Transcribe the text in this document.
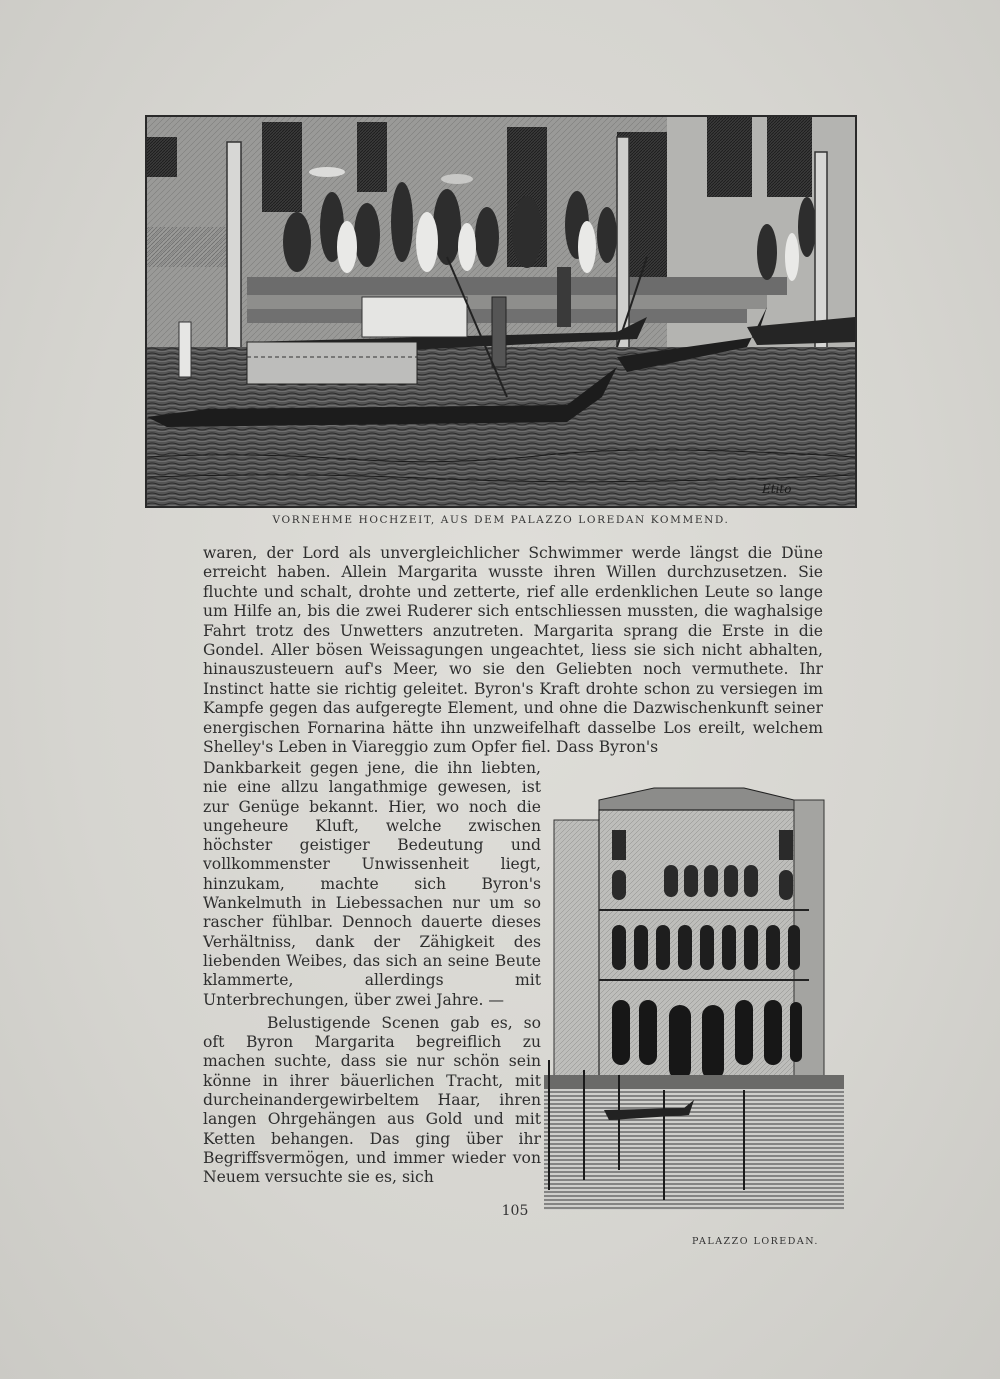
Etito
VORNEHME HOCHZEIT, AUS DEM PALAZZO LOREDAN KOMMEND.

waren, der Lord als unvergleichlicher Schwimmer werde längst die Düne erreicht haben. Allein Margarita wusste ihren Willen durchzusetzen. Sie fluchte und schalt, drohte und zetterte, rief alle erdenklichen Leute so lange um Hilfe an, bis die zwei Ruderer sich entschliessen mussten, die waghalsige Fahrt trotz des Unwetters anzutreten. Margarita sprang die Erste in die Gondel. Aller bösen Weissagungen ungeachtet, liess sie sich nicht abhalten, hinauszusteuern auf's Meer, wo sie den Geliebten noch vermuthete. Ihr Instinct hatte sie richtig geleitet. Byron's Kraft drohte schon zu versiegen im Kampfe gegen das aufgeregte Element, und ohne die Dazwischenkunft seiner energischen Fornarina hätte ihn unzweifelhaft dasselbe Los ereilt, welchem Shelley's Leben in Viareggio zum Opfer fiel. Dass Byron's

Dankbarkeit gegen jene, die ihn liebten, nie eine allzu langathmige gewesen, ist zur Genüge bekannt. Hier, wo noch die ungeheure Kluft, welche zwischen höchster geistiger Bedeutung und vollkommenster Unwissenheit liegt, hinzukam, machte sich Byron's Wankelmuth in Liebessachen nur um so rascher fühlbar. Dennoch dauerte dieses Verhältniss, dank der Zähigkeit des liebenden Weibes, das sich an seine Beute klammerte, allerdings mit Unterbrechungen, über zwei Jahre. —

Belustigende Scenen gab es, so oft Byron Margarita begreiflich zu machen suchte, dass sie nur schön sein könne in ihrer bäuerlichen Tracht, mit durcheinandergewirbeltem Haar, ihren langen Ohrgehängen aus Gold und mit Ketten behangen. Das ging über ihr Begriffsvermögen, und immer wieder von Neuem versuchte sie es, sich

PALAZZO LOREDAN.
105
